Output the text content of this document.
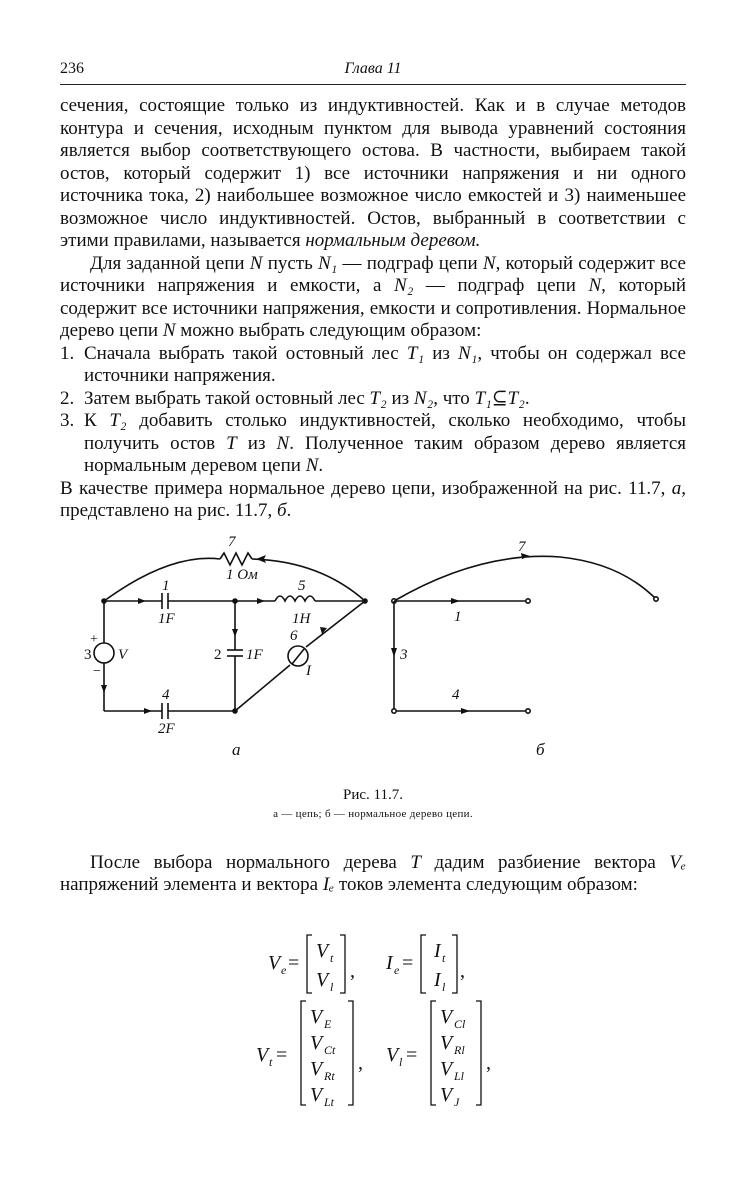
236	Глава 11

сечения, состоящие только из индуктивностей. Как и в случае методов контура и сечения, исходным пунктом для вывода уравнений состояния является выбор соответствующего остова. В частности, выбираем такой остов, который содержит 1) все источники напряжения и ни одного источника тока, 2) наибольшее возможное число емкостей и 3) наименьшее возможное число индуктивностей. Остов, выбранный в соответствии с этими правилами, называется нормальным деревом.

Для заданной цепи N пусть N₁ — подграф цепи N, который содержит все источники напряжения и емкости, а N₂ — подграф цепи N, который содержит все источники напряжения, емкости и сопротивления. Нормальное дерево цепи N можно выбрать следующим образом:

1. Сначала выбрать такой остовный лес T₁ из N₁, чтобы он содержал все источники напряжения.
2. Затем выбрать такой остовный лес T₂ из N₂, что T₁⊆T₂.
3. К T₂ добавить столько индуктивностей, сколько необходимо, чтобы получить остов T из N. Полученное таким образом дерево является нормальным деревом цепи N.

В качестве примера нормальное дерево цепи, изображенной на рис. 11.7, а, представлено на рис. 11.7, б.

7
1 Ом
1
1F
5
1H
+
3 V
−
2 1F
6
I
4
2F
а
7
1
3
4
б
Рис. 11.7.
а — цепь; б — нормальное дерево цепи.

После выбора нормального дерева T дадим разбиение вектора Vₑ напряжений элемента и вектора Iₑ токов элемента следующим образом:

V e =
V t
V l
, I e =
I t
I l
,
V t =
V E
V Ct
V Rt
V Lt
, V l =
V Cl
V Rl
V Ll
V J
,
